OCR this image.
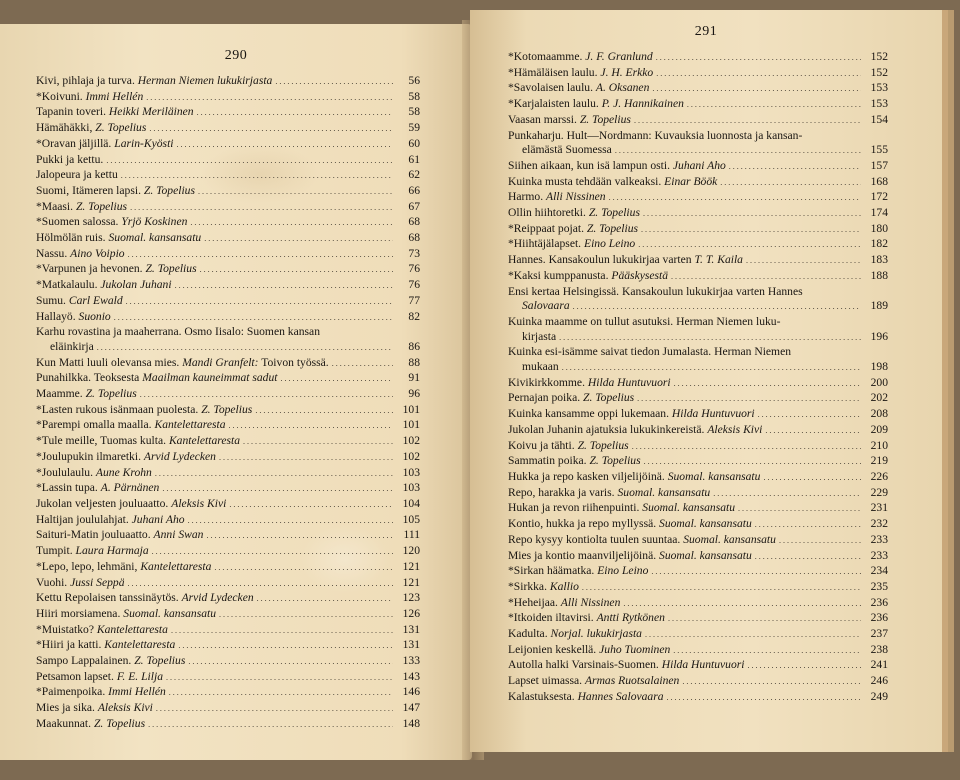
290
Kivi, pihlaja ja turva. Herman Niemen lukukirjasta . . .	56
*Koivuni. Immi Hellén . . .	58
Tapanin toveri. Heikki Meriläinen . . .	58
Hämähäkki, Z. Topelius . . .	59
*Oravan jäljillä. Larin-Kyösti . . .	60
Pukki ja kettu. . . .	61
Jalopeura ja kettu . . .	62
Suomi, Itämeren lapsi. Z. Topelius . . .	66
*Maasi. Z. Topelius . . .	67
*Suomen salossa. Yrjö Koskinen . . .	68
Hölmölän ruis. Suomal. kansansatu . . .	68
Nassu. Aino Voipio . . .	73
*Varpunen ja hevonen. Z. Topelius . . .	76
*Matkalaulu. Jukolan Juhani . . .	76
Sumu. Carl Ewald . . .	77
Hallayö. Suonio . . .	82
Karhu rovastina ja maaherrana. Osmo Iisalo: Suomen kansan
eläinkirja . . .	86
Kun Matti luuli olevansa mies. Mandi Granfelt: Toivon työssä. . . .	88
Punahilkka. Teoksesta Maailman kauneimmat sadut . . .	91
Maamme. Z. Topelius . . .	96
*Lasten rukous isänmaan puolesta. Z. Topelius . . .	101
*Parempi omalla maalla. Kantelettaresta . . .	101
*Tule meille, Tuomas kulta. Kantelettaresta . . .	102
*Joulupukin ilmaretki. Arvid Lydecken . . .	102
*Joululaulu. Aune Krohn . . .	103
*Lassin tupa. A. Pärnänen . . .	103
Jukolan veljesten jouluaatto. Aleksis Kivi . . .	104
Haltijan joululahjat. Juhani Aho . . .	105
Saituri-Matin jouluaatto. Anni Swan . . .	111
Tumpit. Laura Harmaja . . .	120
*Lepo, lepo, lehmäni, Kantelettaresta . . .	121
Vuohi. Jussi Seppä . . .	121
Kettu Repolaisen tanssinäytös. Arvid Lydecken . . .	123
Hiiri morsiamena. Suomal. kansansatu . . .	126
*Muistatko? Kantelettaresta . . .	131
*Hiiri ja katti. Kantelettaresta . . .	131
Sampo Lappalainen. Z. Topelius . . .	133
Petsamon lapset. F. E. Lilja . . .	143
*Paimenpoika. Immi Hellén . . .	146
Mies ja sika. Aleksis Kivi . . .	147
Maakunnat. Z. Topelius . . .	148
291
*Kotomaamme. J. F. Granlund . . .	152
*Hämäläisen laulu. J. H. Erkko . . .	152
*Savolaisen laulu. A. Oksanen . . .	153
*Karjalaisten laulu. P. J. Hannikainen . . .	153
Vaasan marssi. Z. Topelius . . .	154
Punkaharju. Hult—Nordmann: Kuvauksia luonnosta ja kansan-
elämästä Suomessa . . .	155
Siihen aikaan, kun isä lampun osti. Juhani Aho . . .	157
Kuinka musta tehdään valkeaksi. Einar Böök . . .	168
Harmo. Alli Nissinen . . .	172
Ollin hiihtoretki. Z. Topelius . . .	174
*Reippaat pojat. Z. Topelius . . .	180
*Hiihtäjälapset. Eino Leino . . .	182
Hannes. Kansakoulun lukukirjaa varten T. T. Kaila . . .	183
*Kaksi kumppanusta. Pääskysestä . . .	188
Ensi kertaa Helsingissä. Kansakoulun lukukirjaa varten Hannes
Salovaara . . .	189
Kuinka maamme on tullut asutuksi. Herman Niemen luku-
kirjasta . . .	196
Kuinka esi-isämme saivat tiedon Jumalasta. Herman Niemen
mukaan . . .	198
Kivikirkkomme. Hilda Huntuvuori . . .	200
Pernajan poika. Z. Topelius . . .	202
Kuinka kansamme oppi lukemaan. Hilda Huntuvuori . . .	208
Jukolan Juhanin ajatuksia lukukinkereistä. Aleksis Kivi . . .	209
Koivu ja tähti. Z. Topelius . . .	210
Sammatin poika. Z. Topelius . . .	219
Hukka ja repo kasken viljelijöinä. Suomal. kansansatu . . .	226
Repo, harakka ja varis. Suomal. kansansatu . . .	229
Hukan ja revon riihenpuinti. Suomal. kansansatu . . .	231
Kontio, hukka ja repo myllyssä. Suomal. kansansatu . . .	232
Repo kysyy kontiolta tuulen suuntaa. Suomal. kansansatu . . .	233
Mies ja kontio maanviljelijöinä. Suomal. kansansatu . . .	233
*Sirkan häämatka. Eino Leino . . .	234
*Sirkka. Kallio . . .	235
*Heheijaa. Alli Nissinen . . .	236
*Itkoiden iltavirsi. Antti Rytkönen . . .	236
Kadulta. Norjal. lukukirjasta . . .	237
Leijonien keskellä. Juho Tuominen . . .	238
Autolla halki Varsinais-Suomen. Hilda Huntuvuori . . .	241
Lapset uimassa. Armas Ruotsalainen . . .	246
Kalastuksesta. Hannes Salovaara . . .	249
